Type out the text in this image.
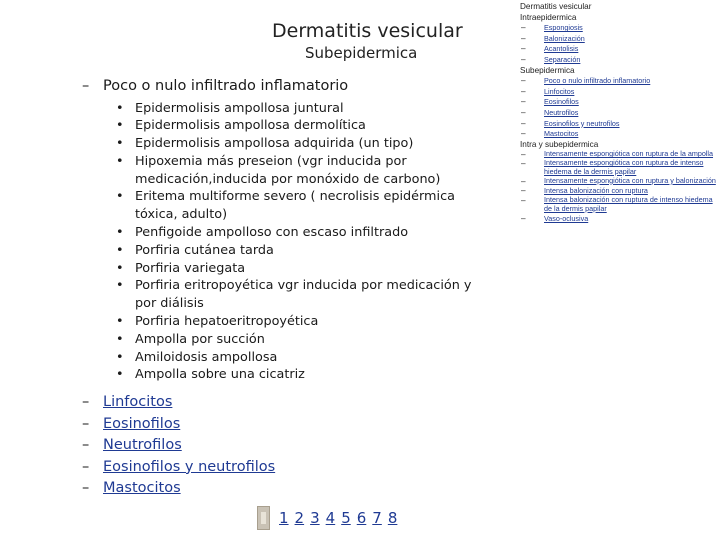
Dermatitis vesicular
Subepidermica
– Poco o nulo infiltrado inflamatorio
• Epidermolisis ampollosa juntural
• Epidermolisis ampollosa dermolítica
• Epidermolisis ampollosa adquirida (un tipo)
• Hipoxemia más preseion (vgr inducida por medicación,inducida por monóxido de carbono)
• Eritema multiforme severo ( necrolisis epidérmica tóxica, adulto)
• Penfigoide ampolloso con escaso infiltrado
• Porfiria cutánea tarda
• Porfiria variegata
• Porfiria eritropoyética vgr inducida por medicación y por diálisis
• Porfiria hepatoeritropoyética
• Ampolla por succión
• Amiloidosis ampollosa
• Ampolla sobre una cicatriz
– Linfocitos
– Eosinofilos
– Neutrofilos
– Eosinofilos y neutrofilos
– Mastocitos
1 2 3 4 5 6 7 8
Dermatitis vesicular
Intraepidermica
– Espongiosis
– Balonización
– Acantolisis
– Separación
Subepidermica
– Poco o nulo infiltrado inflamatorio
– Linfocitos
– Eosinofilos
– Neutrofilos
– Eosinofilos y neutrofilos
– Mastocitos
Intra y subepidermica
– Intensamente espongiótica con ruptura de la ampolla
– Intensamente espongiótica con ruptura de intenso hiedema de la dermis papilar
– Intensamente espongiótica con ruptura y balonización
– Intensa balonización con ruptura
– Intensa balonización con ruptura de intenso hiedema de la dermis papilar
– Vaso-oclusiva
